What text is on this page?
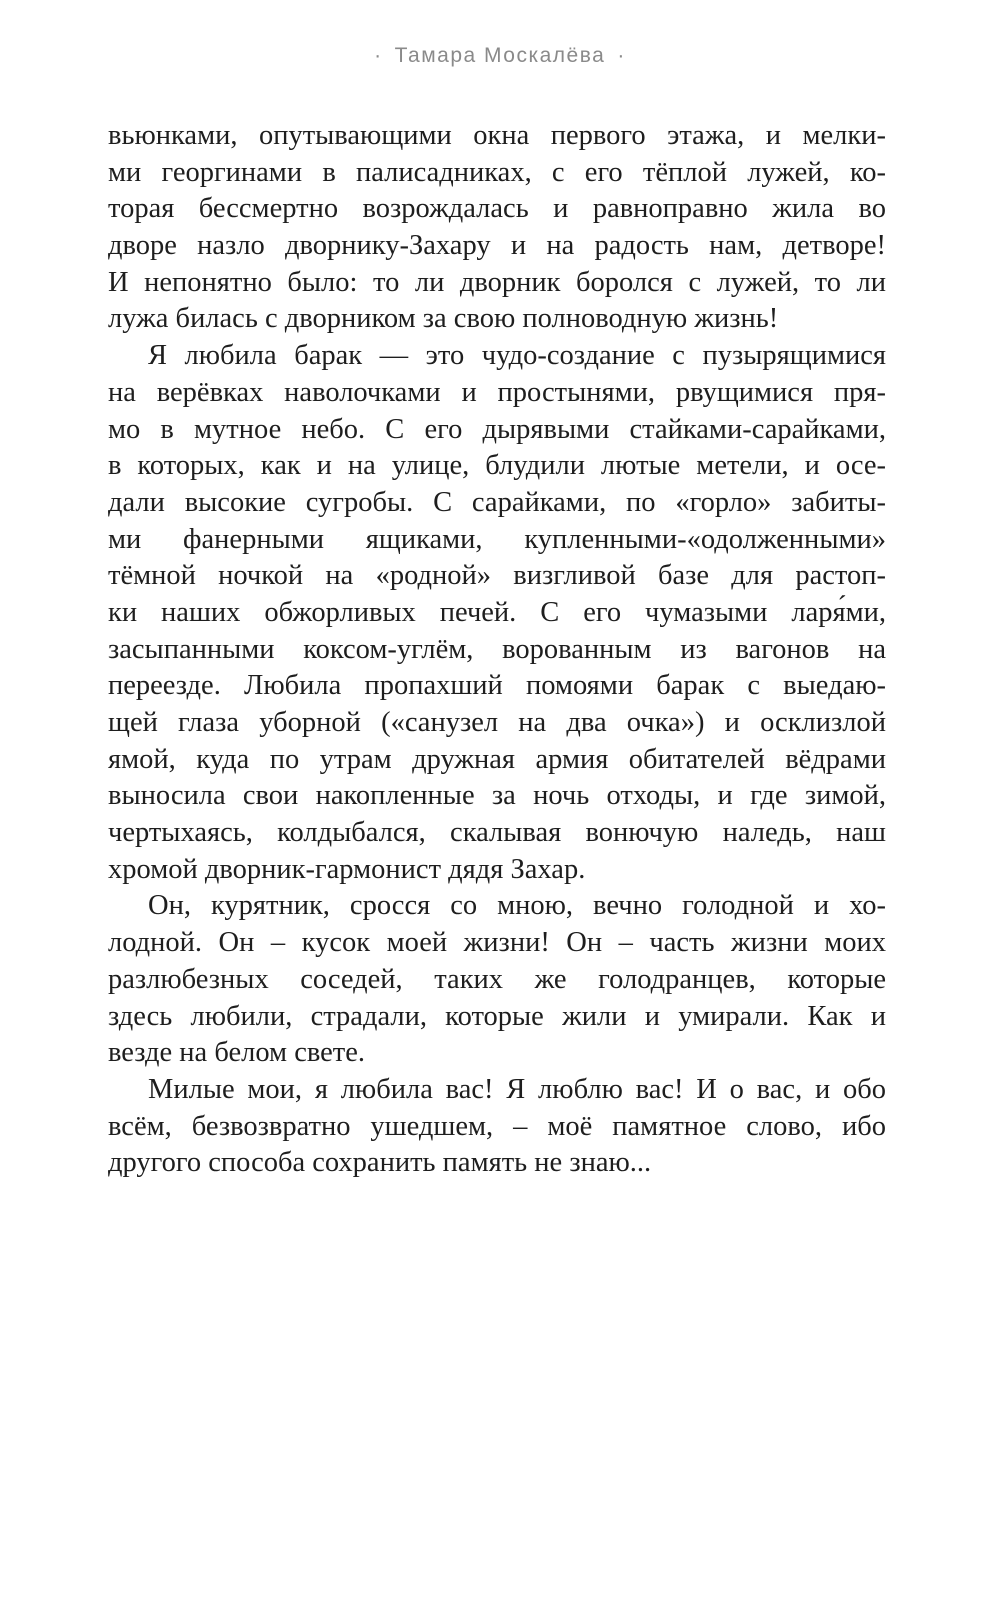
· Тамара Москалёва ·
вьюнками, опутывающими окна первого этажа, и мелки-
ми георгинами в палисадниках, с его тёплой лужей, ко-
торая бессмертно возрождалась и равноправно жила во
дворе назло дворнику-Захару и на радость нам, детворе!
И непонятно было: то ли дворник боролся с лужей, то ли
лужа билась с дворником за свою полноводную жизнь!
Я любила барак — это чудо-создание с пузырящимися
на верёвках наволочками и простынями, рвущимися пря-
мо в мутное небо. С его дырявыми стайками-сарайками,
в которых, как и на улице, блудили лютые метели, и осе-
дали высокие сугробы. С сарайками, по «горло» забиты-
ми фанерными ящиками, купленными-«одолженными»
тёмной ночкой на «родной» визгливой базе для растоп-
ки наших обжорливых печей. С его чумазыми ларя́ми,
засыпанными коксом-углём, ворованным из вагонов на
переезде. Любила пропахший помоями барак с выедаю-
щей глаза уборной («санузел на два очка») и осклизлой
ямой, куда по утрам дружная армия обитателей вёдрами
выносила свои накопленные за ночь отходы, и где зимой,
чертыхаясь, колдыбался, скалывая вонючую наледь, наш
хромой дворник-гармонист дядя Захар.
Он, курятник, сросся со мною, вечно голодной и хо-
лодной. Он – кусок моей жизни! Он – часть жизни моих
разлюбезных соседей, таких же голодранцев, которые
здесь любили, страдали, которые жили и умирали. Как и
везде на белом свете.
Милые мои, я любила вас! Я люблю вас! И о вас, и обо
всём, безвозвратно ушедшем, – моё памятное слово, ибо
другого способа сохранить память не знаю...
